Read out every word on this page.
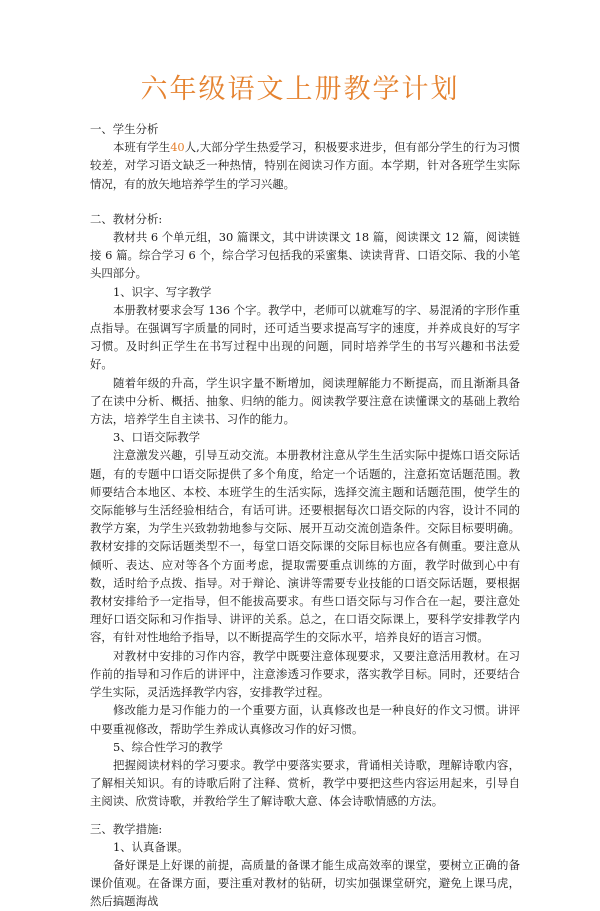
六年级语文上册教学计划

一、学生分析

本班有学生40人,大部分学生热爱学习，积极要求进步，但有部分学生的行为习惯较差，对学习语文缺乏一种热情，特别在阅读习作方面。本学期，针对各班学生实际情况，有的放矢地培养学生的学习兴趣。

二、教材分析:

教材共 6 个单元组，30 篇课文，其中讲读课文 18 篇，阅读课文 12 篇，阅读链接 6 篇。综合学习 6 个，综合学习包括我的采蜜集、读读背背、口语交际、我的小笔头四部分。

1、识字、写字教学

本册教材要求会写 136 个字。教学中，老师可以就难写的字、易混淆的字形作重点指导。在强调写字质量的同时，还可适当要求提高写字的速度，并养成良好的写字习惯。及时纠正学生在书写过程中出现的问题，同时培养学生的书写兴趣和书法爱好。

随着年级的升高，学生识字量不断增加，阅读理解能力不断提高，而且渐渐具备了在读中分析、概括、抽象、归纳的能力。阅读教学要注意在读懂课文的基础上教给方法，培养学生自主读书、习作的能力。

3、口语交际教学

注意激发兴趣，引导互动交流。本册教材注意从学生生活实际中提炼口语交际话题，有的专题中口语交际提供了多个角度，给定一个话题的，注意拓宽话题范围。教师要结合本地区、本校、本班学生的生活实际，选择交流主题和话题范围，使学生的交际能够与生活经验相结合，有话可讲。还要根据每次口语交际的内容，设计不同的教学方案，为学生兴致勃勃地参与交际、展开互动交流创造条件。交际目标要明确。教材安排的交际话题类型不一，每堂口语交际课的交际目标也应各有侧重。要注意从倾听、表达、应对等各个方面考虑，提取需要重点训练的方面，教学时做到心中有数，适时给予点拨、指导。对于辩论、演讲等需要专业技能的口语交际话题，要根据教材安排给予一定指导，但不能拔高要求。有些口语交际与习作合在一起，要注意处理好口语交际和习作指导、讲评的关系。总之，在口语交际课上，要科学安排教学内容，有针对性地给予指导，以不断提高学生的交际水平，培养良好的语言习惯。

对教材中安排的习作内容，教学中既要注意体现要求，又要注意活用教材。在习作前的指导和习作后的讲评中，注意渗透习作要求，落实教学目标。同时，还要结合学生实际，灵活选择教学内容，安排教学过程。

修改能力是习作能力的一个重要方面，认真修改也是一种良好的作文习惯。讲评中要重视修改，帮助学生养成认真修改习作的好习惯。

5、综合性学习的教学

把握阅读材料的学习要求。教学中要落实要求，背诵相关诗歌，理解诗歌内容，了解相关知识。有的诗歌后附了注释、赏析，教学中要把这些内容运用起来，引导自主阅读、欣赏诗歌，并教给学生了解诗歌大意、体会诗歌情感的方法。

三、教学措施:

1、认真备课。

备好课是上好课的前提，高质量的备课才能生成高效率的课堂，要树立正确的备课价值观。在备课方面，要注重对教材的钻研，切实加强课堂研究，避免上课马虎，然后搞题海战
